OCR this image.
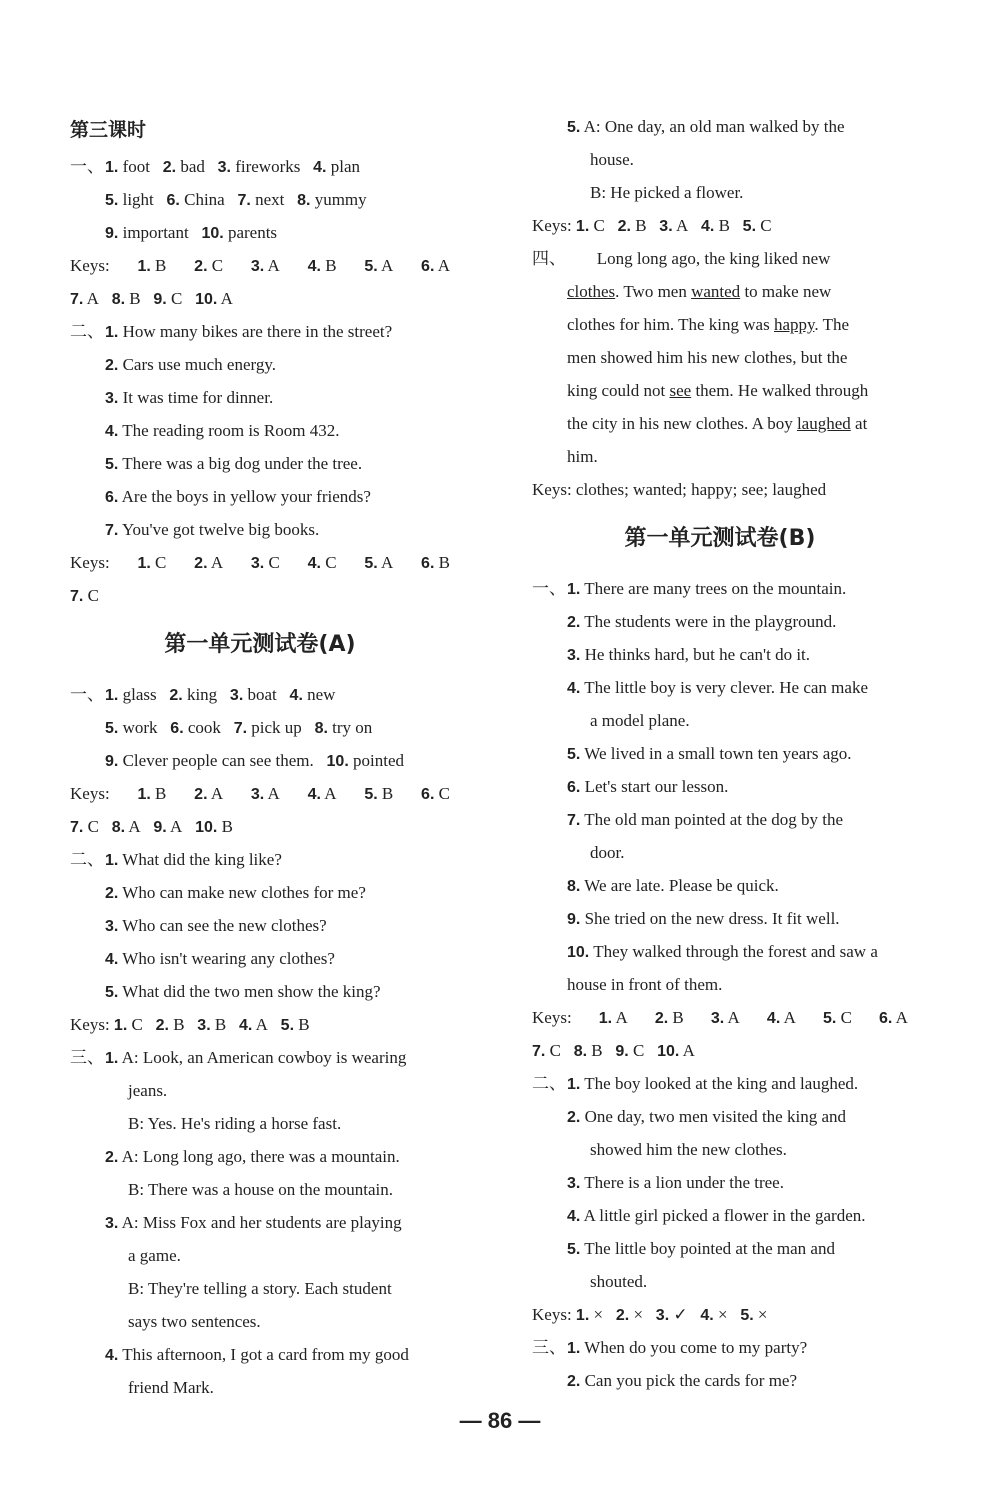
第三课时
一、1. foot 2. bad 3. fireworks 4. plan
5. light 6. China 7. next 8. yummy
9. important 10. parents
Keys: 1. B 2. C 3. A 4. B 5. A 6. A
7. A 8. B 9. C 10. A
二、1. How many bikes are there in the street?
2. Cars use much energy.
3. It was time for dinner.
4. The reading room is Room 432.
5. There was a big dog under the tree.
6. Are the boys in yellow your friends?
7. You've got twelve big books.
Keys: 1. C 2. A 3. C 4. C 5. A 6. B
7. C
第一单元测试卷(A)
一、1. glass 2. king 3. boat 4. new
5. work 6. cook 7. pick up 8. try on
9. Clever people can see them. 10. pointed
Keys: 1. B 2. A 3. A 4. A 5. B 6. C
7. C 8. A 9. A 10. B
二、1. What did the king like?
2. Who can make new clothes for me?
3. Who can see the new clothes?
4. Who isn't wearing any clothes?
5. What did the two men show the king?
Keys: 1. C 2. B 3. B 4. A 5. B
三、1. A: Look, an American cowboy is wearing
jeans.
B: Yes. He's riding a horse fast.
2. A: Long long ago, there was a mountain.
B: There was a house on the mountain.
3. A: Miss Fox and her students are playing
a game.
B: They're telling a story. Each student
says two sentences.
4. This afternoon, I got a card from my good
friend Mark.
5. A: One day, an old man walked by the
house.
B: He picked a flower.
Keys: 1. C 2. B 3. A 4. B 5. C
四、 Long long ago, the king liked new
clothes. Two men wanted to make new
clothes for him. The king was happy. The
men showed him his new clothes, but the
king could not see them. He walked through
the city in his new clothes. A boy laughed at
him.
Keys: clothes; wanted; happy; see; laughed
第一单元测试卷(B)
一、1. There are many trees on the mountain.
2. The students were in the playground.
3. He thinks hard, but he can't do it.
4. The little boy is very clever. He can make
a model plane.
5. We lived in a small town ten years ago.
6. Let's start our lesson.
7. The old man pointed at the dog by the
door.
8. We are late. Please be quick.
9. She tried on the new dress. It fit well.
10. They walked through the forest and saw a
house in front of them.
Keys: 1. A 2. B 3. A 4. A 5. C 6. A
7. C 8. B 9. C 10. A
二、1. The boy looked at the king and laughed.
2. One day, two men visited the king and
showed him the new clothes.
3. There is a lion under the tree.
4. A little girl picked a flower in the garden.
5. The little boy pointed at the man and
shouted.
Keys: 1. × 2. × 3. ✓ 4. × 5. ×
三、1. When do you come to my party?
2. Can you pick the cards for me?
— 86 —
